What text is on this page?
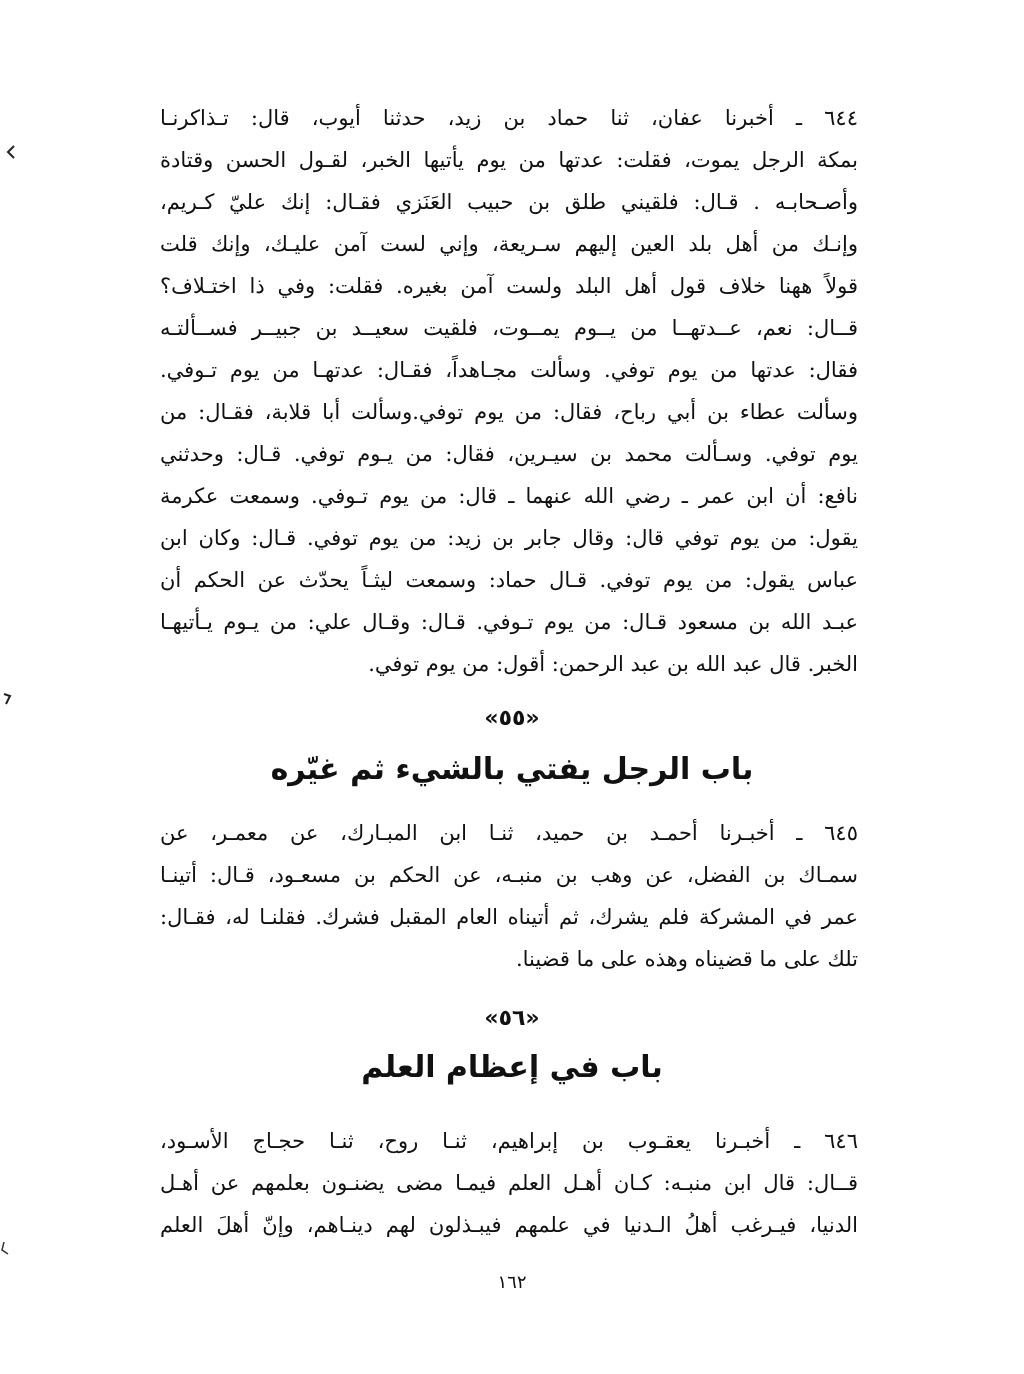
٦٤٤ ـ أخبرنا عفان، ثنا حماد بن زيد، حدثنا أيوب، قال: تـذاكرنـا
بمكة الرجل يموت، فقلت: عدتها من يوم يأتيها الخبر، لقـول الحسن وقتادة
وأصـحابـه . قـال: فلقيني طلق بن حبيب العَنَزي فقـال: إنك عليّ كـريم،
وإنـك من أهل بلد العين إليهم سـريعة، وإني لست آمن عليـك، وإنك قلت
قولاً ههنا خلاف قول أهل البلد ولست آمن بغيره. فقلت: وفي ذا اختـلاف؟
قــال: نعم، عــدتهــا من يــوم يمــوت، فلقيت سعيــد بن جبيــر فســألتـه
فقال: عدتها من يوم توفي. وسألت مجـاهداً، فقـال: عدتهـا من يوم تـوفي.
وسألت عطاء بن أبي رباح، فقال: من يوم توفي.وسألت أبا قلابة، فقـال: من
يوم توفي. وسـألت محمد بن سيـرين، فقال: من يـوم توفي. قـال: وحدثني
نافع: أن ابن عمر ـ رضي الله عنهما ـ قال: من يوم تـوفي. وسمعت عكرمة
يقول: من يوم توفي قال: وقال جابر بن زيد: من يوم توفي. قـال: وكان ابن
عباس يقول: من يوم توفي. قـال حماد: وسمعت ليثـاً يحدّث عن الحكم أن
عبـد الله بن مسعود قـال: من يوم تـوفي. قـال: وقـال علي: من يـوم يـأتيهـا
الخبر. قال عبد الله بن عبد الرحمن: أقول: من يوم توفي.
«٥٥»
باب الرجل يفتي بالشيء ثم غيّره
٦٤٥ ـ أخبـرنا أحمـد بن حميد، ثنـا ابن المبـارك، عن معمـر، عن
سمـاك بن الفضل، عن وهب بن منبـه، عن الحكم بن مسعـود، قـال: أتينـا
عمر في المشركة فلم يشرك، ثم أتيناه العام المقبل فشرك. فقلنـا له، فقـال:
تلك على ما قضيناه وهذه على ما قضينا.
«٥٦»
باب في إعظام العلم
٦٤٦ ـ أخبـرنا يعقـوب بن إبراهيم، ثنـا روح، ثنـا حجـاج الأسـود،
قــال: قال ابن منبـه: كـان أهـل العلم فيمـا مضى يضنـون بعلمهم عن أهـل
الدنيا، فيـرغب أهلُ الـدنيا في علمهم فيبـذلون لهم دينـاهم، وإنّ أهلَ العلم
١٦٢
